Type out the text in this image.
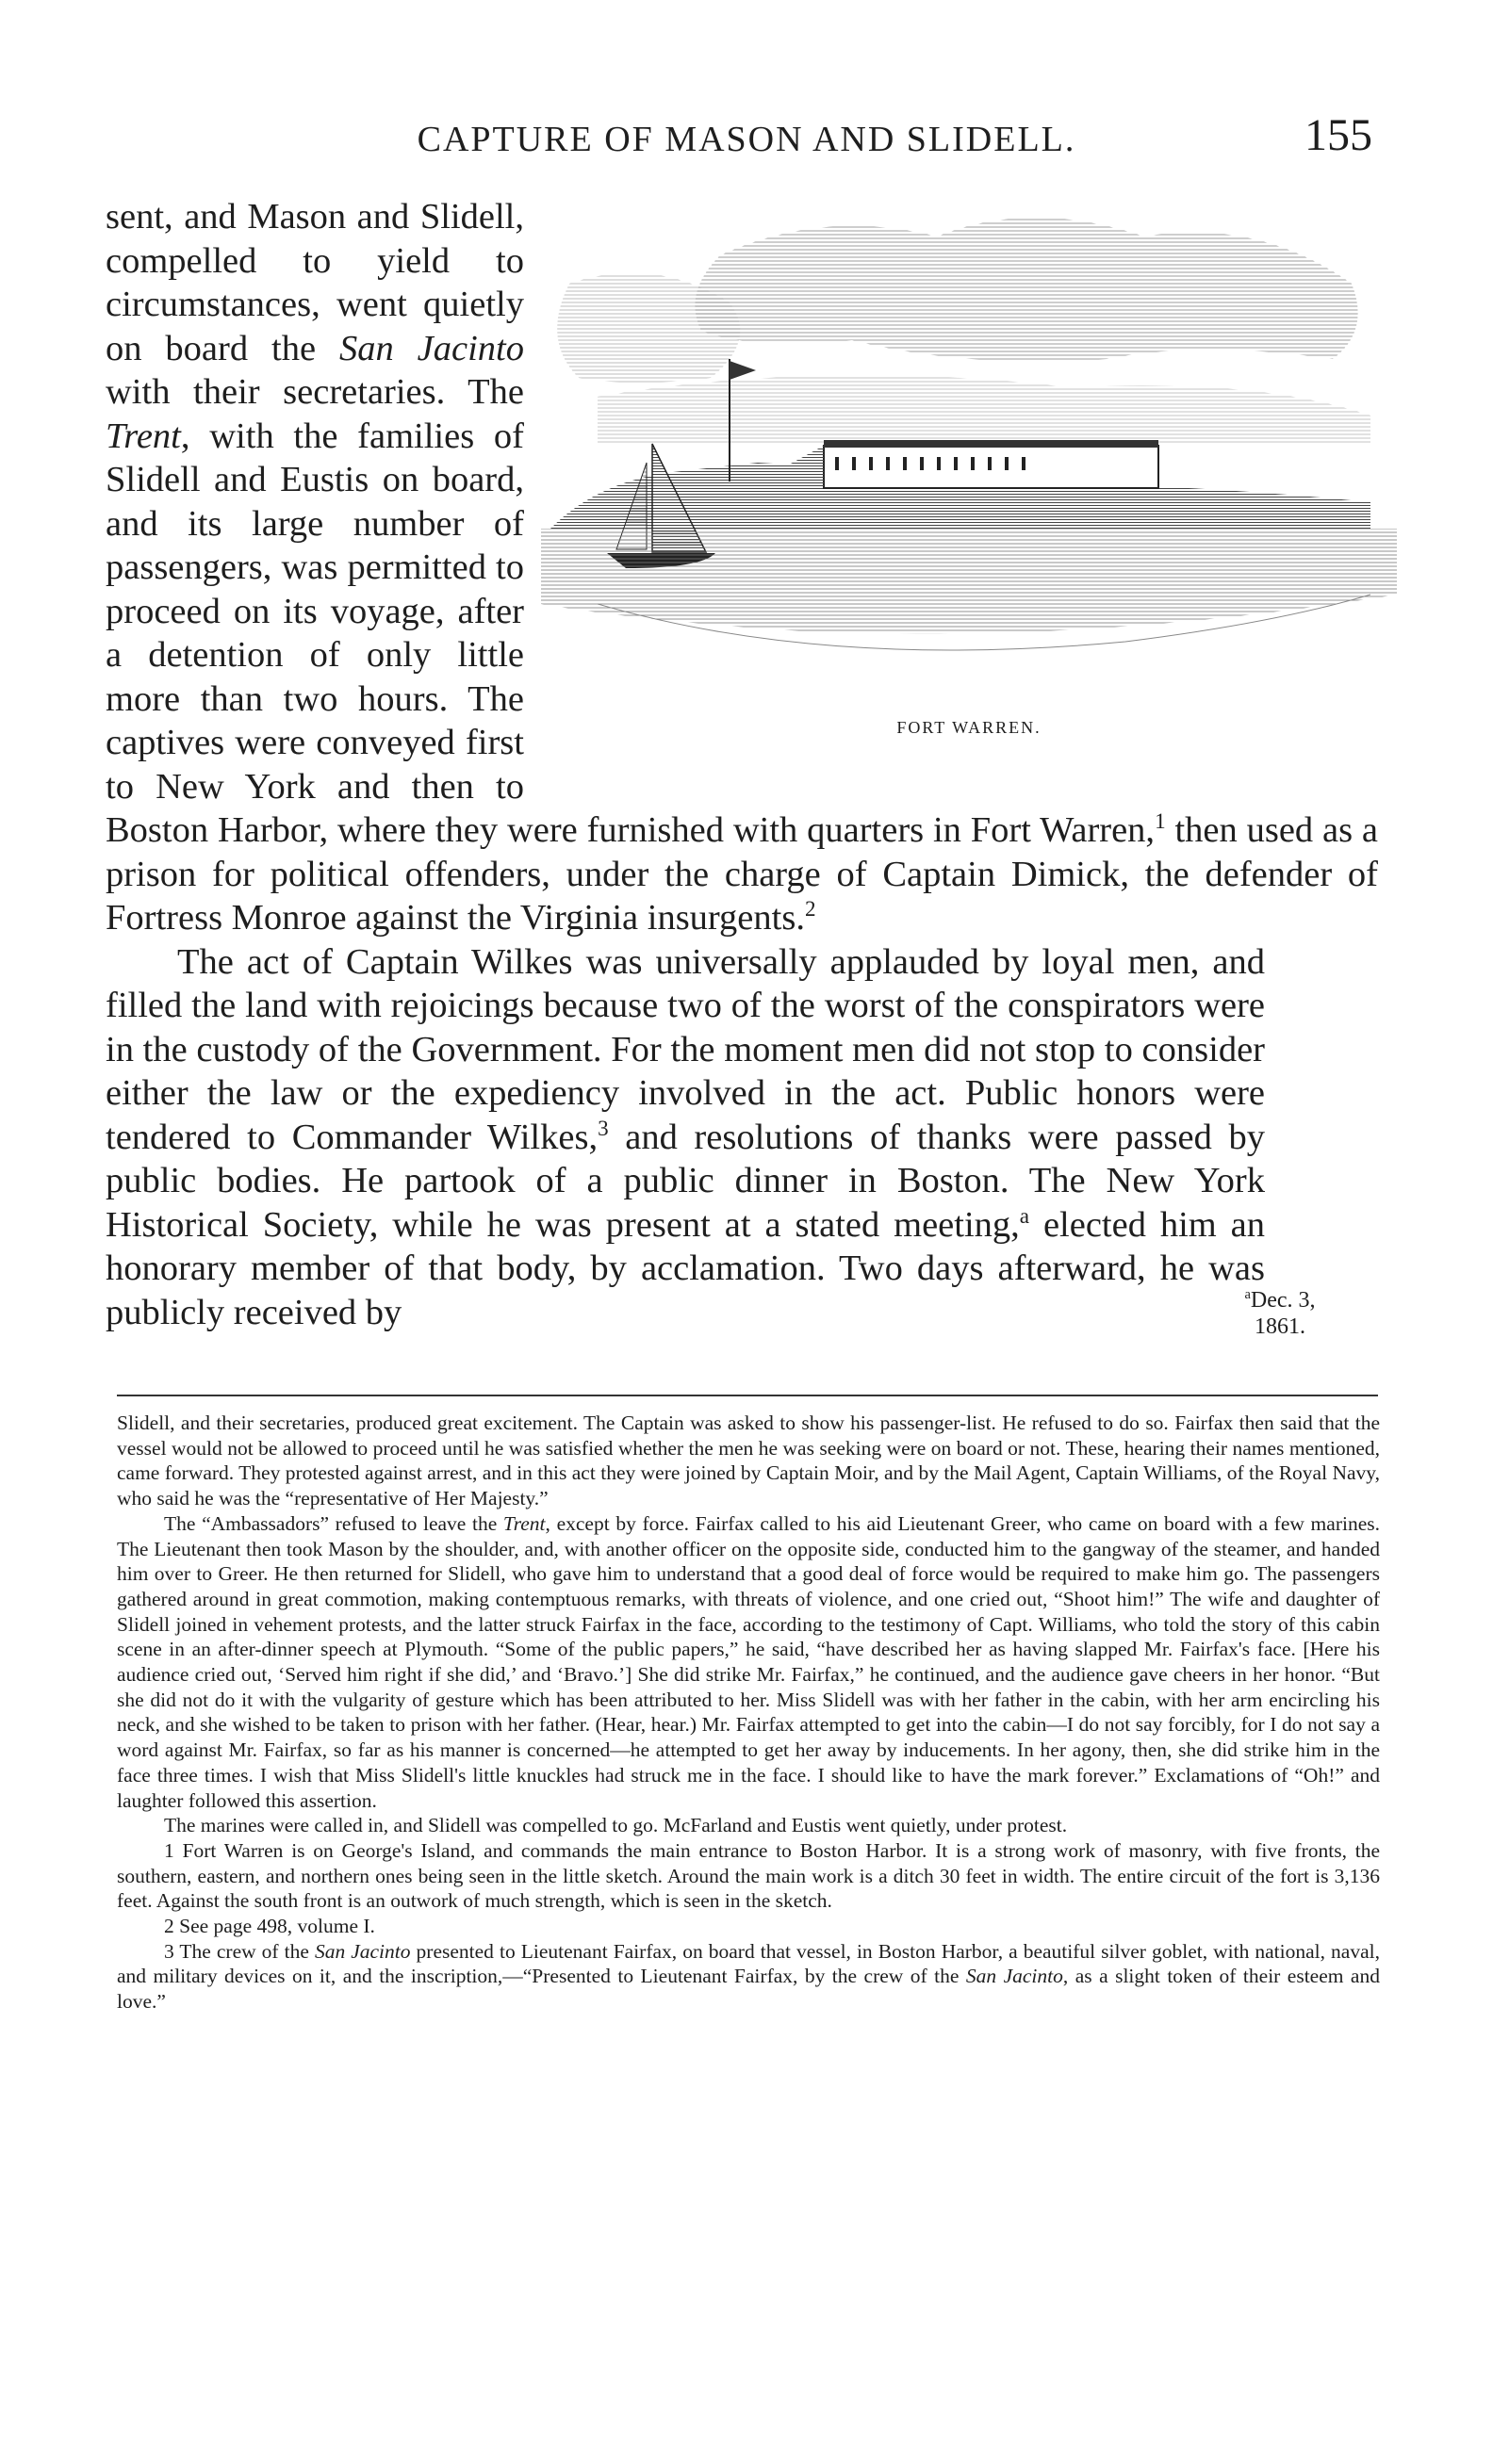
CAPTURE OF MASON AND SLIDELL.	155
FORT WARREN.

sent, and Mason and Slidell, compelled to yield to circumstances, went quietly on board the San Jacinto with their secretaries. The Trent, with the families of Slidell and Eustis on board, and its large number of passengers, was permitted to proceed on its voyage, after a detention of only little more than two hours. The captives were conveyed first to New York and then to Boston Harbor, where they were furnished with quarters in Fort Warren,$^1$ then used as a prison for political offenders, under the charge of Captain Dimick, the defender of Fortress Monroe against the Virginia insurgents.$^2$

The act of Captain Wilkes was universally applauded by loyal men, and filled the land with rejoicings because two of the worst of the conspirators were in the custody of the Government. For the moment men did not stop to consider either the law or the expediency involved in the act. Public honors were tendered to Commander Wilkes,$^3$ and resolutions of thanks were passed by public bodies. He partook of a public dinner in Boston. The New York Historical Society, while he was present at a stated meeting,$^a$ elected him an honorary member of that body, by acclamation. Two days afterward, he was publicly received by	$^a$Dec. 3,
1861.

Slidell, and their secretaries, produced great excitement. The Captain was asked to show his passenger-list. He refused to do so. Fairfax then said that the vessel would not be allowed to proceed until he was satisfied whether the men he was seeking were on board or not. These, hearing their names mentioned, came forward. They protested against arrest, and in this act they were joined by Captain Moir, and by the Mail Agent, Captain Williams, of the Royal Navy, who said he was the “representative of Her Majesty.”

The “Ambassadors” refused to leave the Trent, except by force. Fairfax called to his aid Lieutenant Greer, who came on board with a few marines. The Lieutenant then took Mason by the shoulder, and, with another officer on the opposite side, conducted him to the gangway of the steamer, and handed him over to Greer. He then returned for Slidell, who gave him to understand that a good deal of force would be required to make him go. The passengers gathered around in great commotion, making contemptuous remarks, with threats of violence, and one cried out, “Shoot him!” The wife and daughter of Slidell joined in vehement protests, and the latter struck Fairfax in the face, according to the testimony of Capt. Williams, who told the story of this cabin scene in an after-dinner speech at Plymouth. “Some of the public papers,” he said, “have described her as having slapped Mr. Fairfax's face. [Here his audience cried out, ‘Served him right if she did,’ and ‘Bravo.’] She did strike Mr. Fairfax,” he continued, and the audience gave cheers in her honor. “But she did not do it with the vulgarity of gesture which has been attributed to her. Miss Slidell was with her father in the cabin, with her arm encircling his neck, and she wished to be taken to prison with her father. (Hear, hear.) Mr. Fairfax attempted to get into the cabin—I do not say forcibly, for I do not say a word against Mr. Fairfax, so far as his manner is concerned—he attempted to get her away by inducements. In her agony, then, she did strike him in the face three times. I wish that Miss Slidell's little knuckles had struck me in the face. I should like to have the mark forever.” Exclamations of “Oh!” and laughter followed this assertion.

The marines were called in, and Slidell was compelled to go. McFarland and Eustis went quietly, under protest.

1 Fort Warren is on George's Island, and commands the main entrance to Boston Harbor. It is a strong work of masonry, with five fronts, the southern, eastern, and northern ones being seen in the little sketch. Around the main work is a ditch 30 feet in width. The entire circuit of the fort is 3,136 feet. Against the south front is an outwork of much strength, which is seen in the sketch.

2 See page 498, volume I.

3 The crew of the San Jacinto presented to Lieutenant Fairfax, on board that vessel, in Boston Harbor, a beautiful silver goblet, with national, naval, and military devices on it, and the inscription,—“Presented to Lieutenant Fairfax, by the crew of the San Jacinto, as a slight token of their esteem and love.”
